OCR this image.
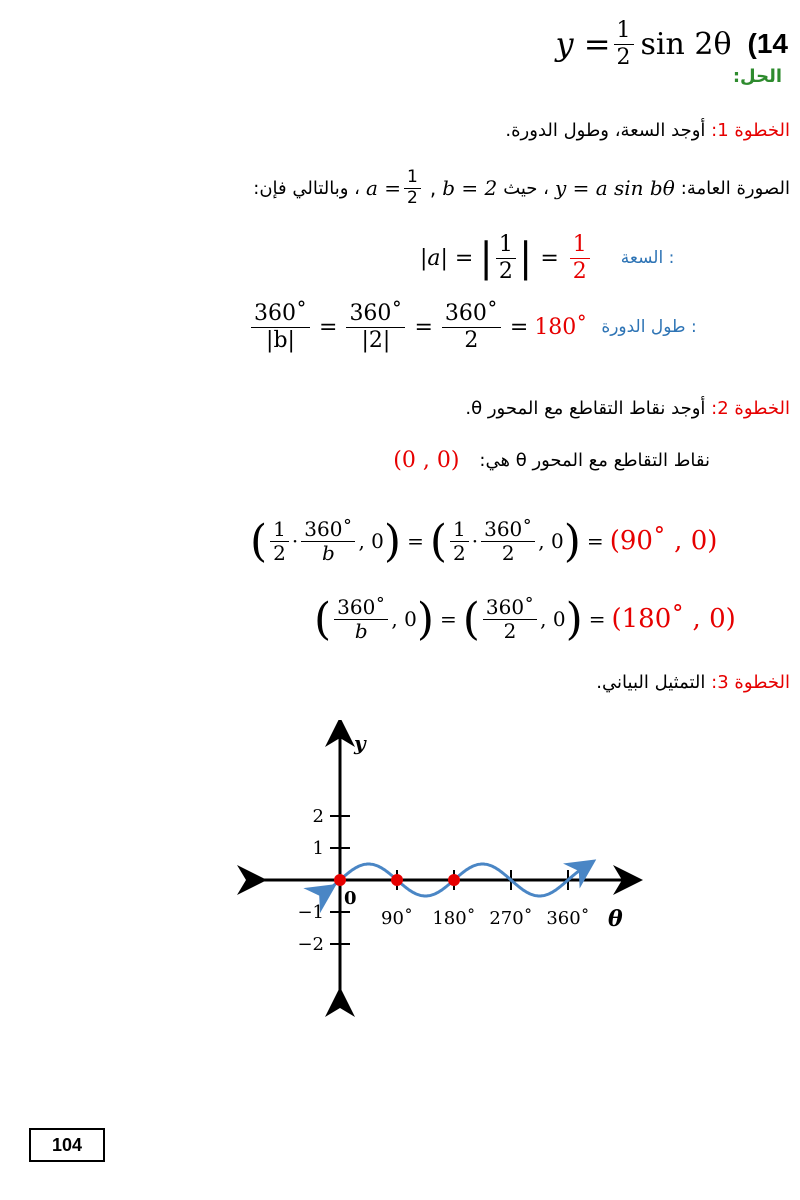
$y = \frac{1}{2}$ sin 2θ (14
الحل:
الخطوة 1: أوجد السعة، وطول الدورة.
الصورة العامة:
y = a sin bθ
، حيث
b = 2
,
$a = \frac{1}{2}$
، وبالتالي فإن:
|a| = | $\frac{1}{2}$ | = $\frac{1}{2}$ السعة :
$\frac{360˚}{|b|} = \frac{360˚}{|2|} = \frac{360˚}{2}$ = 180˚ طول الدورة :
الخطوة 2: أوجد نقاط التقاطع مع المحور θ.
نقاط التقاطع مع المحور θ هي:
(0 , 0)
( $\frac{1}{2} \cdot \frac{360˚}{b}$ , 0 ) = ( $\frac{1}{2} \cdot \frac{360˚}{2}$ , 0 ) = (90˚ , 0)
( $\frac{360˚}{b}$ , 0 ) = ( $\frac{360˚}{2}$ , 0 ) = (180˚ , 0)
الخطوة 3: التمثيل البياني.
90˚ 180˚ 270˚ 360˚
2
1
−1
−2
y
θ
0
104
